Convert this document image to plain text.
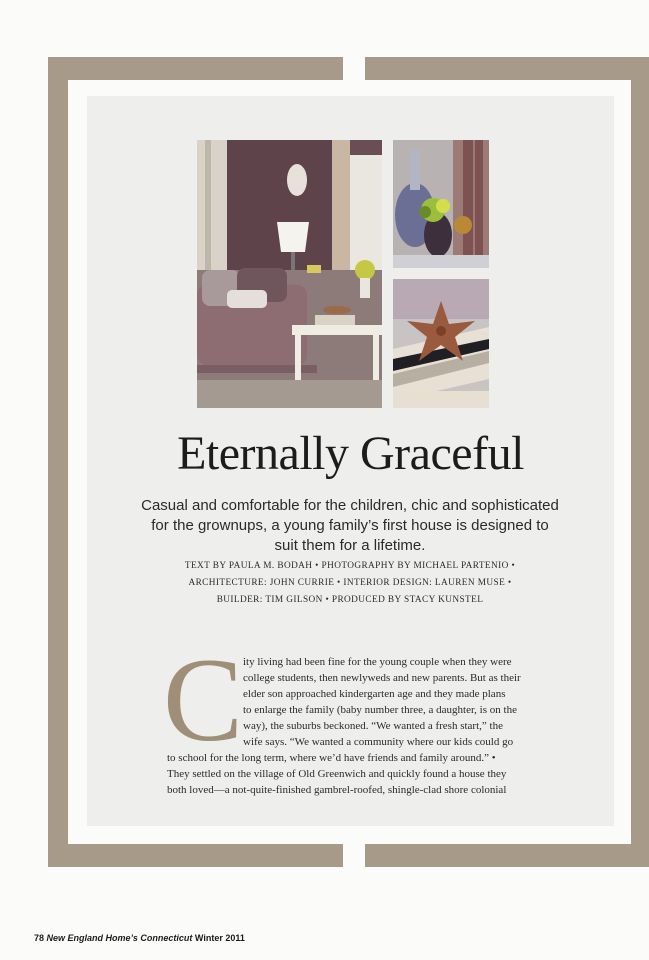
Eternally Graceful

Casual and comfortable for the children, chic and sophisticated for the grownups, a young family’s first house is designed to suit them for a lifetime.

TEXT BY PAULA M. BODAH • PHOTOGRAPHY BY MICHAEL PARTENIO •
ARCHITECTURE: JOHN CURRIE • INTERIOR DESIGN: LAUREN MUSE •
BUILDER: TIM GILSON • PRODUCED BY STACY KUNSTEL

C ity living had been fine for the young couple when they were
college students, then newlyweds and new parents. But as their
elder son approached kindergarten age and they made plans
to enlarge the family (baby number three, a daughter, is on the
way), the suburbs beckoned. “We wanted a fresh start,” the
wife says. “We wanted a community where our kids could go
to school for the long term, where we’d have friends and family around.” •
They settled on the village of Old Greenwich and quickly found a house they
both loved—a not-quite-finished gambrel-roofed, shingle-clad shore colonial
78 New England Home’s Connecticut Winter 2011
